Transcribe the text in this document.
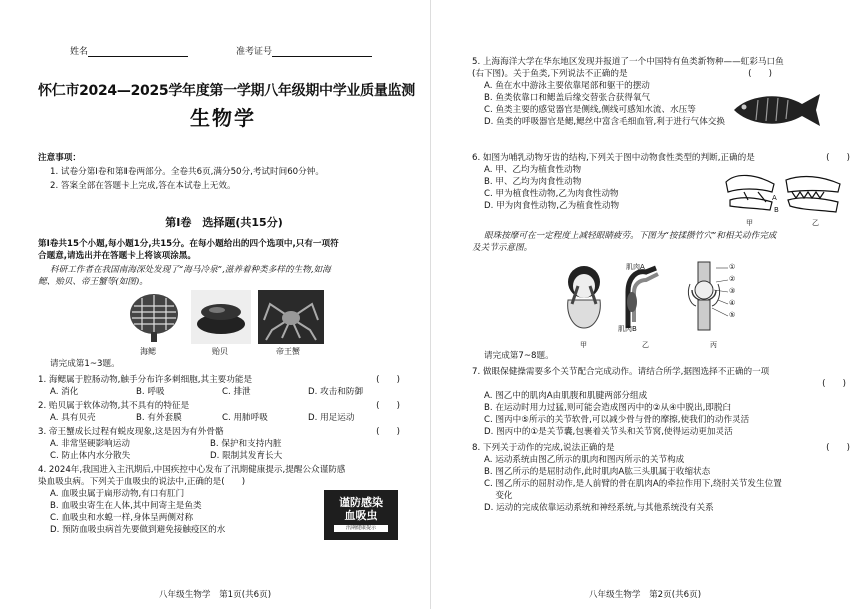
姓名	准考证号
怀仁市2024—2025学年度第一学期八年级期中学业质量监测
生物学
注意事项：
1. 试卷分第Ⅰ卷和第Ⅱ卷两部分。全卷共6页,满分50分,考试时间60分钟。
2. 答案全部在答题卡上完成,答在本试卷上无效。
第Ⅰ卷　选择题(共15分)
第Ⅰ卷共15个小题,每小题1分,共15分。在每小题给出的四个选项中,只有一项符
合题意,请选出并在答题卡上将该项涂黑。
科研工作者在我国南海深处发现了“海马冷泉”,滋养着种类多样的生物,如海
鳃、贻贝、帝王蟹等(如图)。
海鳃	贻贝	帝王蟹
请完成第1~3题。
1. 海鳃属于腔肠动物,触手分布许多刺细胞,其主要功能是	(　　)
A. 消化	B. 呼吸	C. 排泄	D. 攻击和防御
2. 贻贝属于软体动物,其不具有的特征是	(　　)
A. 具有贝壳	B. 有外套膜	C. 用肺呼吸	D. 用足运动
3. 帝王蟹成长过程有蜕皮现象,这是因为有外骨骼	(　　)
A. 非常坚硬影响运动	B. 保护和支持内脏
C. 防止体内水分散失	D. 限制其发育长大
4. 2024年,我国进入主汛期后,中国疾控中心发布了汛期健康提示,提醒公众谨防感
染血吸虫病。下列关于血吸虫的说法中,正确的是(　　)
A. 血吸虫属于扁形动物,有口有肛门
B. 血吸虫寄生在人体,其中间寄主是鱼类
C. 血吸虫和水螅一样,身体呈两侧对称
D. 预防血吸虫病首先要做到避免接触疫区的水
谨防感染
血吸虫
汛期健康提示
八年级生物学　第1页(共6页)
5. 上海海洋大学在华东地区发现并报道了一个中国特有鱼类新物种——虹彩马口鱼
(右下图)。关于鱼类,下列说法不正确的是	(　　)
A. 鱼在水中游泳主要依靠尾部和躯干的摆动
B. 鱼类依靠口和鳃盖后缘交替张合获得氧气
C. 鱼类主要的感觉器官是侧线,侧线可感知水流、水压等
D. 鱼类的呼吸器官是鳃,鳃丝中富含毛细血管,利于进行气体交换
6. 如图为哺乳动物牙齿的结构,下列关于图中动物食性类型的判断,正确的是	(　　)
A. 甲、乙均为植食性动物
B. 甲、乙均为肉食性动物
C. 甲为植食性动物,乙为肉食性动物
D. 甲为肉食性动物,乙为植食性动物
A
B
甲	乙
眼珠按摩可在一定程度上减轻眼睛疲劳。下图为“按揉攒竹穴”和相关动作完成
及关节示意图。
甲
肌肉A
肌肉B
乙
①
②
③
④
⑤
丙
请完成第7~8题。
7. 做眼保健操需要多个关节配合完成动作。请结合所学,据图选择不正确的一项
(　　)
A. 图乙中的肌肉A由肌腹和肌腱两部分组成
B. 在运动时用力过猛,则可能会造成图丙中的②从④中脱出,即脱臼
C. 图丙中⑤所示的关节软骨,可以减少骨与骨的摩擦,使我们的动作灵活
D. 图丙中的①是关节囊,包裹着关节头和关节窝,使得运动更加灵活
8. 下列关于动作的完成,说法正确的是	(　　)
A. 运动系统由图乙所示的肌肉和图丙所示的关节构成
B. 图乙所示的是屈肘动作,此时肌肉A肱三头肌属于收缩状态
C. 图乙所示的屈肘动作,是人前臂的骨在肌肉A的牵拉作用下,绕肘关节发生位置
　 变化
D. 运动的完成依靠运动系统和神经系统,与其他系统没有关系
八年级生物学　第2页(共6页)
